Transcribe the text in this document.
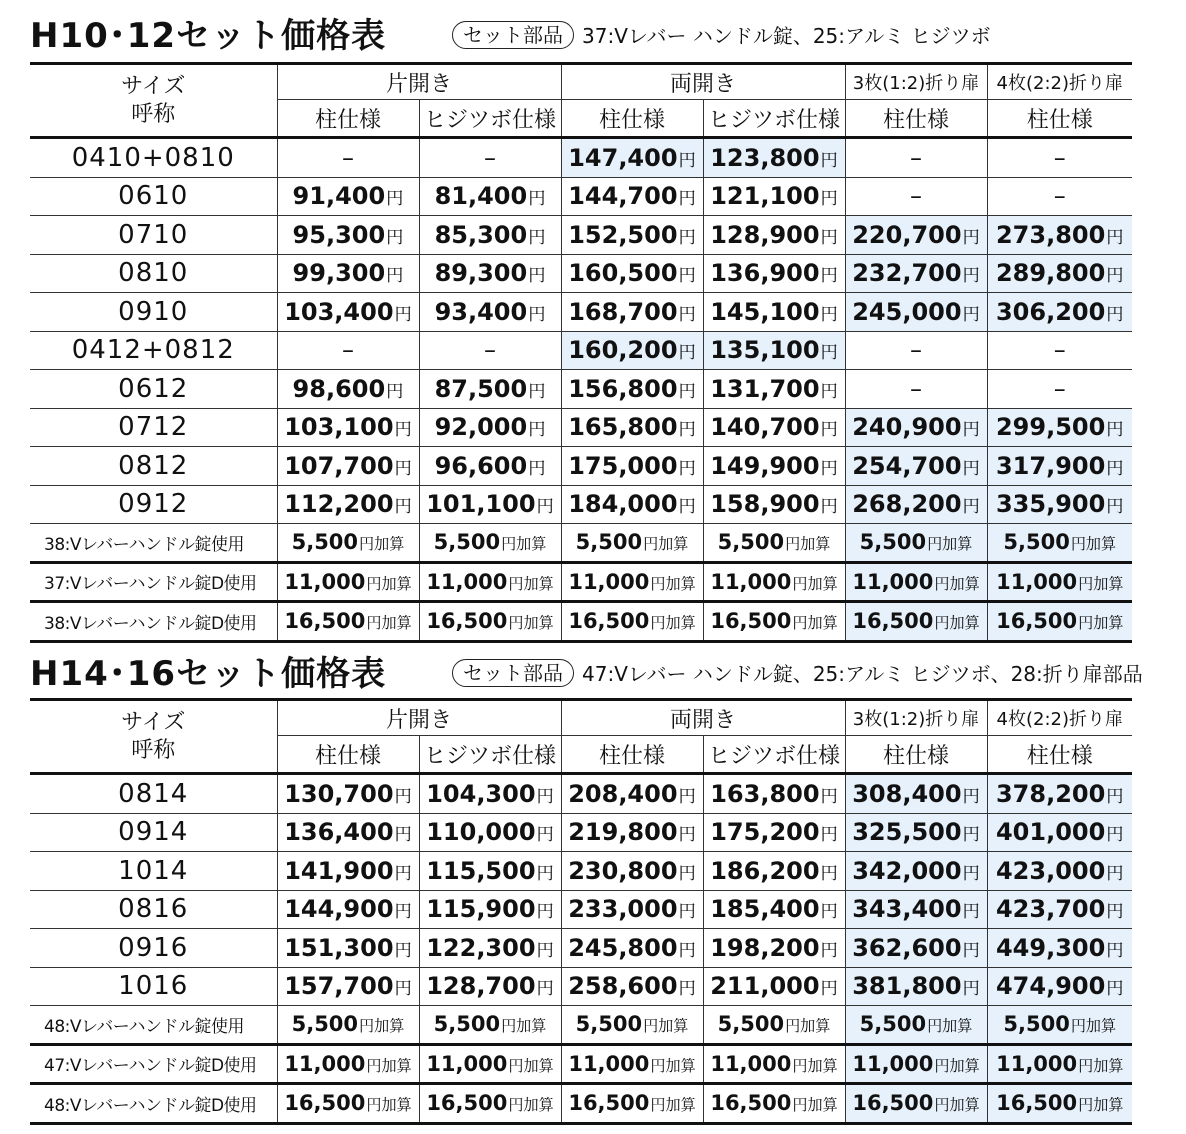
H10･12セット価格表	セット部品 37:Vレバー ハンドル錠、25:アルミ ヒジツボ
サイズ
呼称	片開き		両開き		3枚(1:2)折り扉	4枚(2:2)折り扉
	柱仕様	ヒジツボ仕様	柱仕様	ヒジツボ仕様	柱仕様	柱仕様
0410+0810	–	–	147,400円	123,800円	–	–
0610	91,400円	81,400円	144,700円	121,100円	–	–
0710	95,300円	85,300円	152,500円	128,900円	220,700円	273,800円
0810	99,300円	89,300円	160,500円	136,900円	232,700円	289,800円
0910	103,400円	93,400円	168,700円	145,100円	245,000円	306,200円
0412+0812	–	–	160,200円	135,100円	–	–
0612	98,600円	87,500円	156,800円	131,700円	–	–
0712	103,100円	92,000円	165,800円	140,700円	240,900円	299,500円
0812	107,700円	96,600円	175,000円	149,900円	254,700円	317,900円
0912	112,200円	101,100円	184,000円	158,900円	268,200円	335,900円
38:Vレバーハンドル錠使用	5,500円加算	5,500円加算	5,500円加算	5,500円加算	5,500円加算	5,500円加算
37:Vレバーハンドル錠D使用	11,000円加算	11,000円加算	11,000円加算	11,000円加算	11,000円加算	11,000円加算
38:Vレバーハンドル錠D使用	16,500円加算	16,500円加算	16,500円加算	16,500円加算	16,500円加算	16,500円加算
H14･16セット価格表	セット部品 47:Vレバー ハンドル錠、25:アルミ ヒジツボ、28:折り扉部品
サイズ
呼称	片開き		両開き		3枚(1:2)折り扉	4枚(2:2)折り扉
	柱仕様	ヒジツボ仕様	柱仕様	ヒジツボ仕様	柱仕様	柱仕様
0814	130,700円	104,300円	208,400円	163,800円	308,400円	378,200円
0914	136,400円	110,000円	219,800円	175,200円	325,500円	401,000円
1014	141,900円	115,500円	230,800円	186,200円	342,000円	423,000円
0816	144,900円	115,900円	233,000円	185,400円	343,400円	423,700円
0916	151,300円	122,300円	245,800円	198,200円	362,600円	449,300円
1016	157,700円	128,700円	258,600円	211,000円	381,800円	474,900円
48:Vレバーハンドル錠使用	5,500円加算	5,500円加算	5,500円加算	5,500円加算	5,500円加算	5,500円加算
47:Vレバーハンドル錠D使用	11,000円加算	11,000円加算	11,000円加算	11,000円加算	11,000円加算	11,000円加算
48:Vレバーハンドル錠D使用	16,500円加算	16,500円加算	16,500円加算	16,500円加算	16,500円加算	16,500円加算
